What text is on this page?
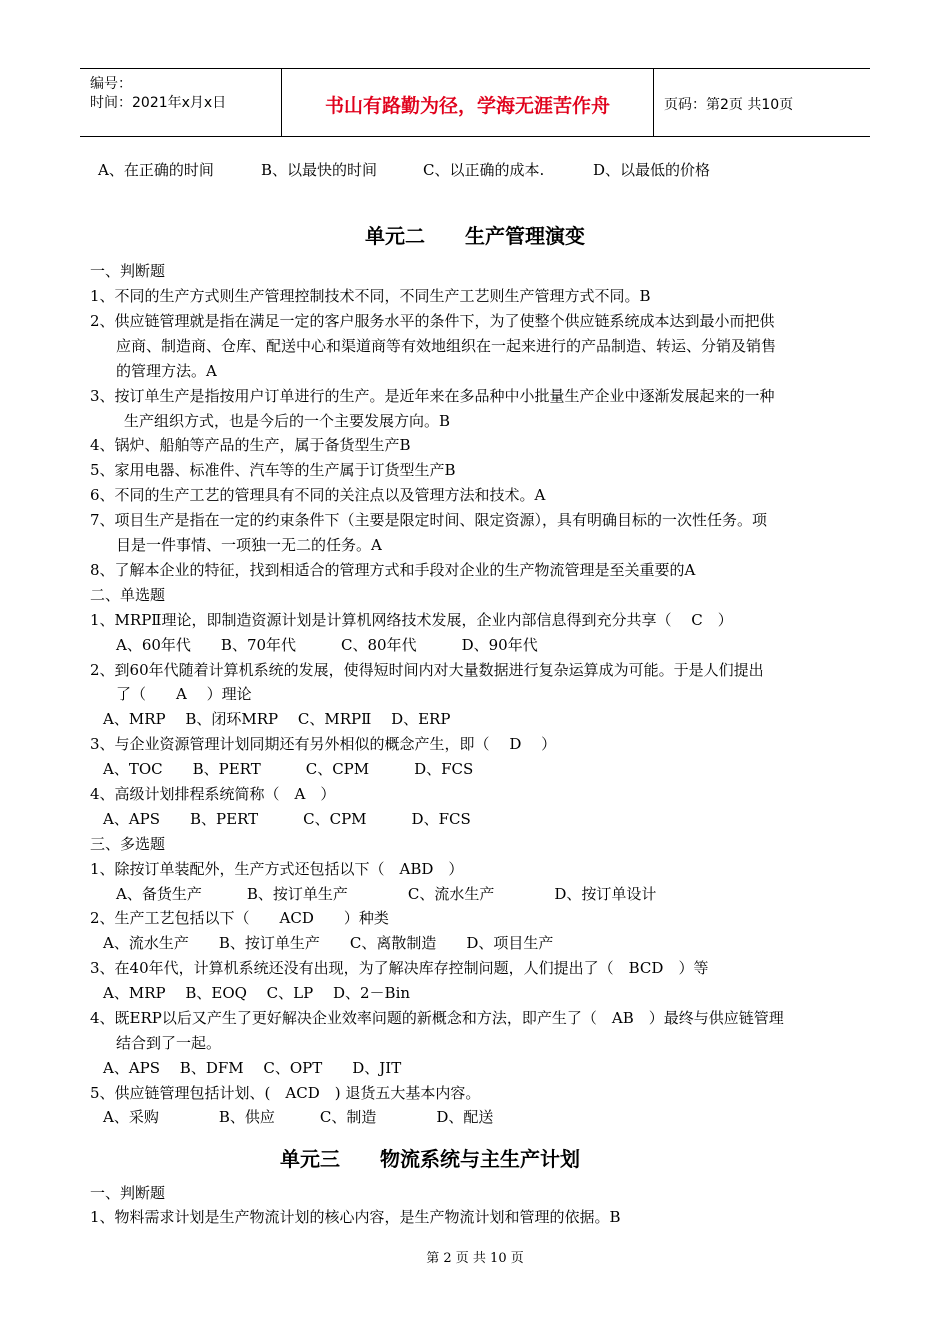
编号：
时间：2021年x月x日	书山有路勤为径，学海无涯苦作舟	页码：第2页 共10页
A、在正确的时间	B、以最快的时间	C、以正确的成本.	D、以最低的价格
单元二　　生产管理演变
一、判断题
1、不同的生产方式则生产管理控制技术不同，不同生产工艺则生产管理方式不同。B
2、供应链管理就是指在满足一定的客户服务水平的条件下，为了使整个供应链系统成本达到最小而把供
应商、制造商、仓库、配送中心和渠道商等有效地组织在一起来进行的产品制造、转运、分销及销售
的管理方法。A
3、按订单生产是指按用户订单进行的生产。是近年来在多品种中小批量生产企业中逐渐发展起来的一种
生产组织方式，也是今后的一个主要发展方向。B
4、锅炉、船舶等产品的生产，属于备货型生产B
5、家用电器、标准件、汽车等的生产属于订货型生产B
6、不同的生产工艺的管理具有不同的关注点以及管理方法和技术。A
7、项目生产是指在一定的约束条件下（主要是限定时间、限定资源），具有明确目标的一次性任务。项
目是一件事情、一项独一无二的任务。A
8、了解本企业的特征，找到相适合的管理方式和手段对企业的生产物流管理是至关重要的A
二、单选题
1、MRPⅡ理论，即制造资源计划是计算机网络技术发展，企业内部信息得到充分共享（　 C　）
A、60年代　　B、70年代　　　C、80年代　　　D、90年代
2、到60年代随着计算机系统的发展，使得短时间内对大量数据进行复杂运算成为可能。于是人们提出
了（　　A　 ）理论
A、MRP　 B、闭环MRP　 C、MRPⅡ　 D、ERP
3、与企业资源管理计划同期还有另外相似的概念产生，即（　 D　 ）
A、TOC　　B、PERT　　　C、CPM　　　D、FCS
4、高级计划排程系统简称（　A　）
A、APS　　B、PERT　　　C、CPM　　　D、FCS
三、多选题
1、除按订单装配外，生产方式还包括以下（　ABD　）
A、备货生产　　　B、按订单生产　　　　C、流水生产　　　　D、按订单设计
2、生产工艺包括以下（　　ACD　　）种类
A、流水生产　　B、按订单生产　　C、离散制造　　D、项目生产
3、在40年代，计算机系统还没有出现，为了解决库存控制问题，人们提出了（　BCD　）等
A、MRP　 B、EOQ　 C、LP　 D、2－Bin
4、既ERP以后又产生了更好解决企业效率问题的新概念和方法，即产生了（　AB　）最终与供应链管理
结合到了一起。
A、APS　 B、DFM　 C、OPT　　D、JIT
5、供应链管理包括计划、(　ACD　) 退货五大基本内容。
A、采购　　　　B、供应　　　C、制造　　　　D、配送
单元三　　物流系统与主生产计划
一、判断题
1、物料需求计划是生产物流计划的核心内容，是生产物流计划和管理的依据。B
第 2 页 共 10 页
